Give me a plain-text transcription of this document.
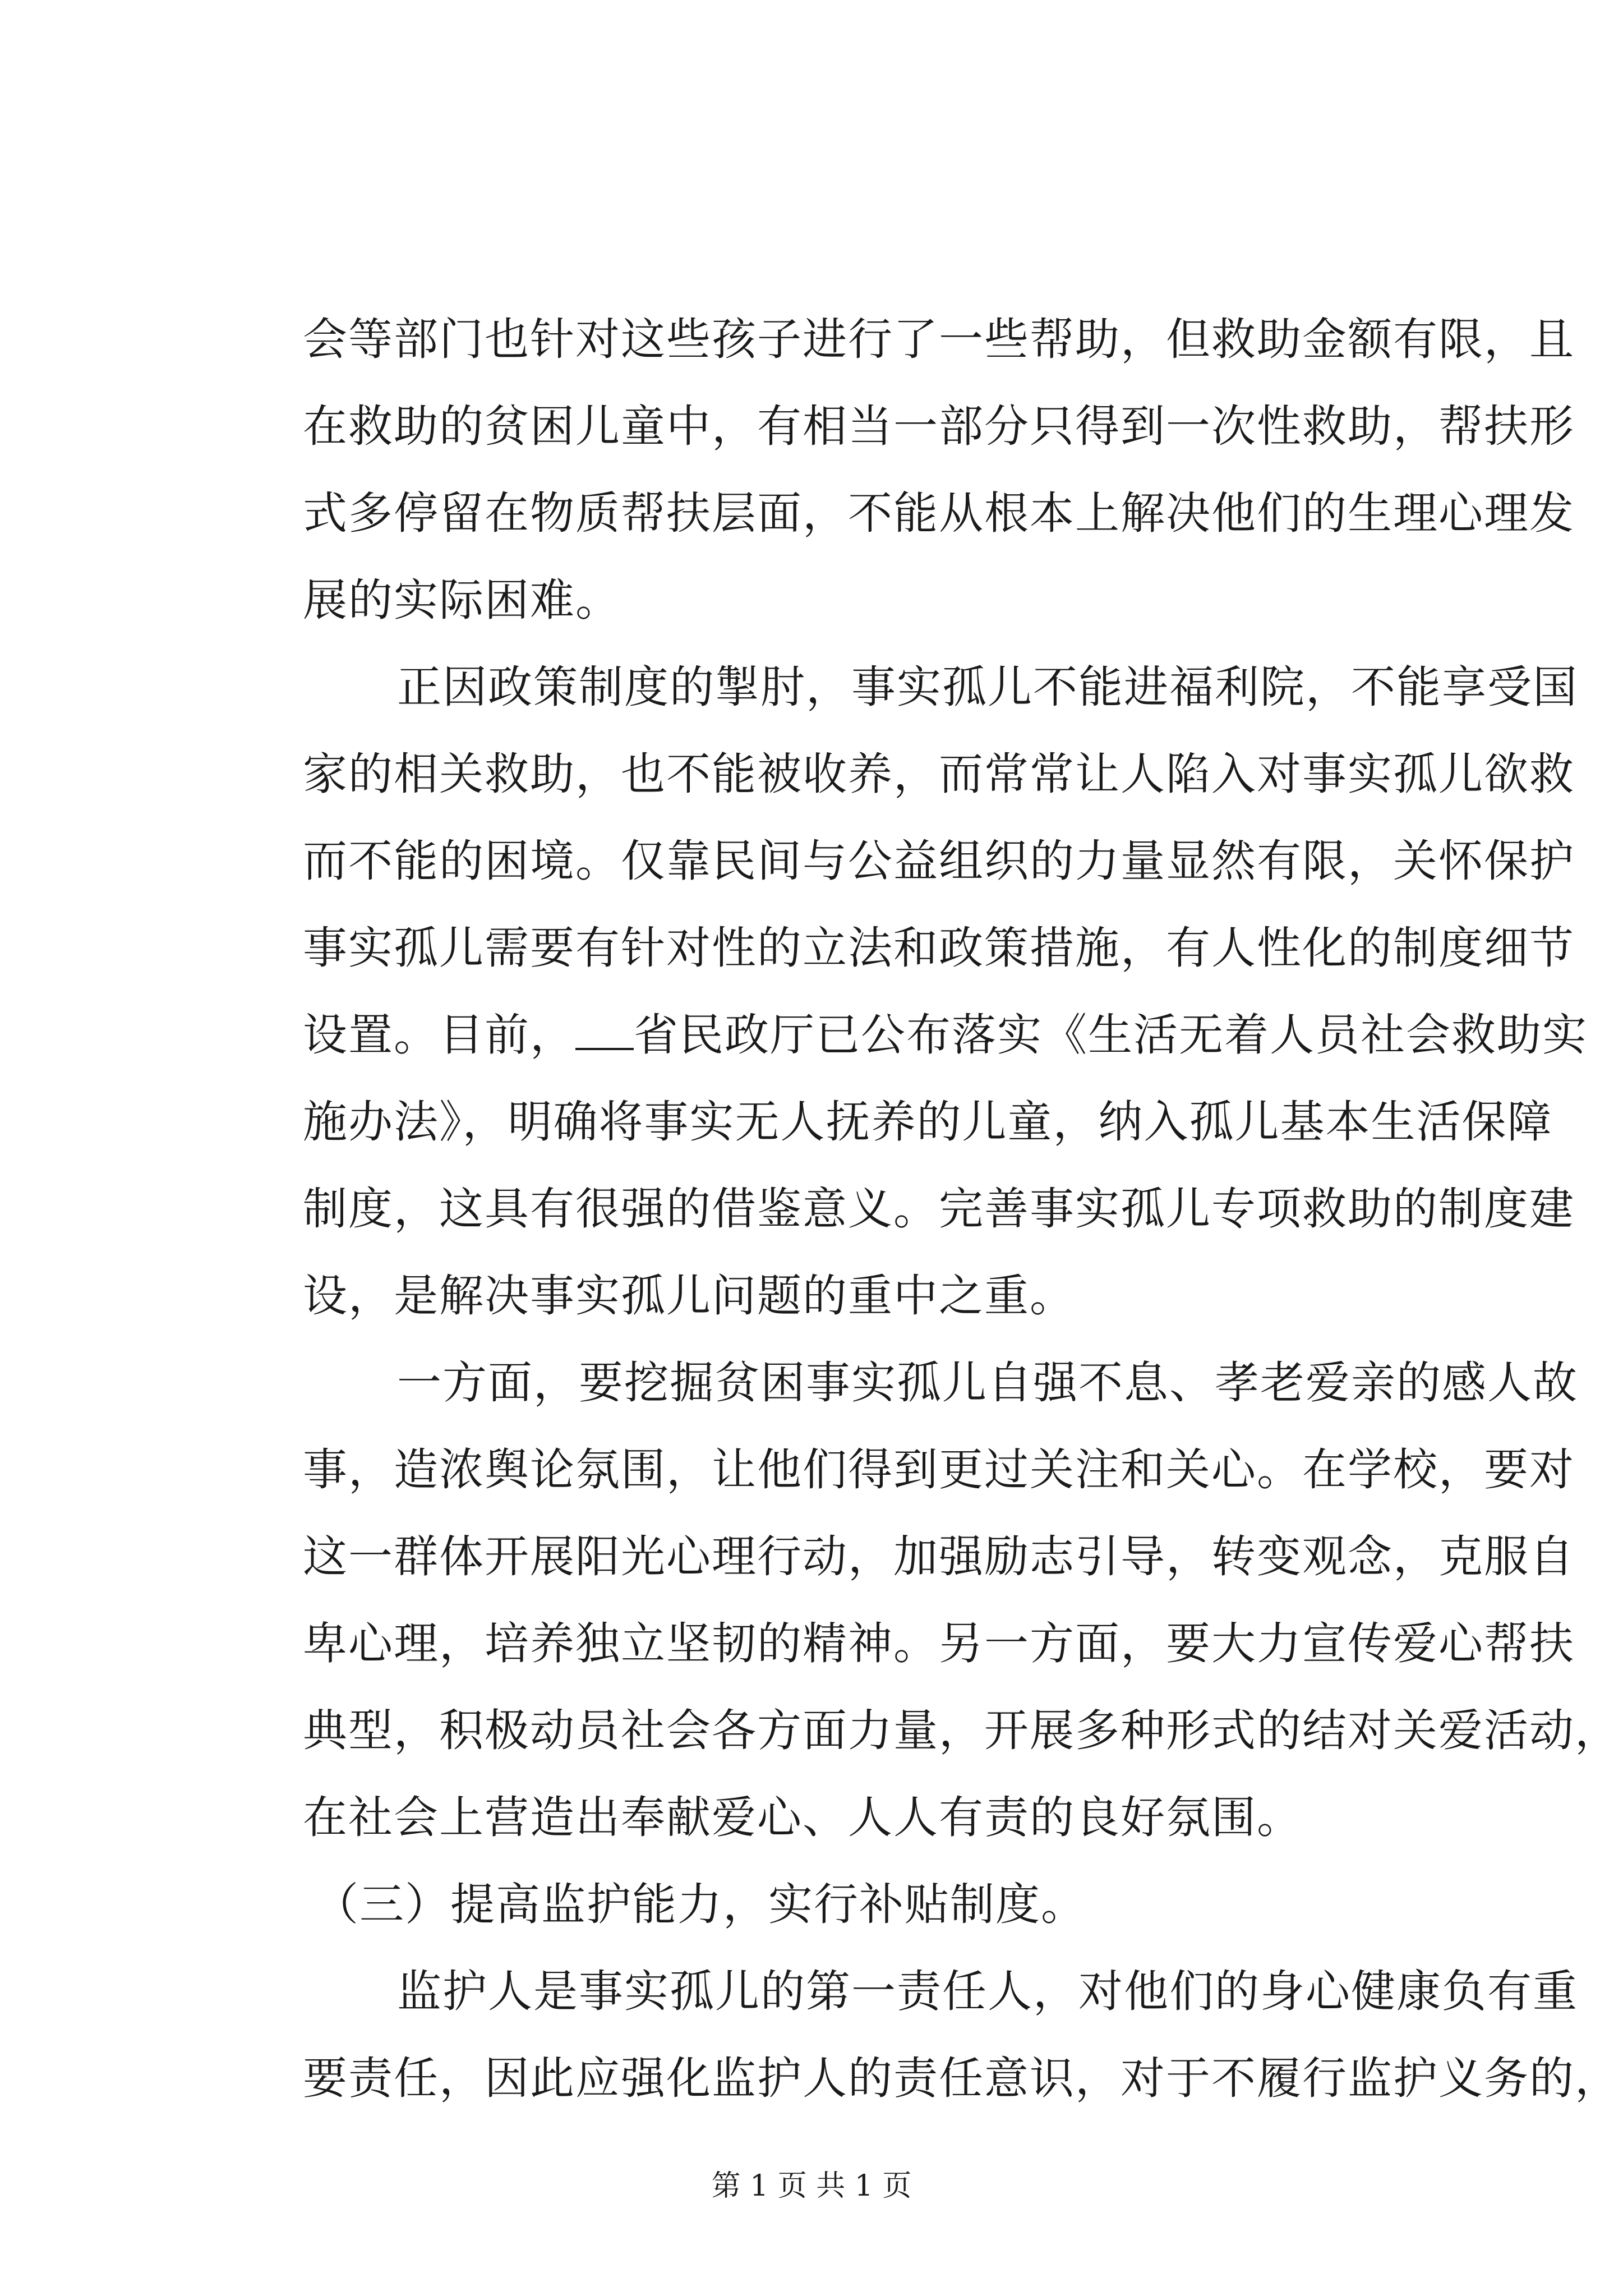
会等部门也针对这些孩子进行了一些帮助，但救助金额有限，且
在救助的贫困儿童中，有相当一部分只得到一次性救助，帮扶形
式多停留在物质帮扶层面，不能从根本上解决他们的生理心理发
展的实际困难。
正因政策制度的掣肘，事实孤儿不能进福利院，不能享受国
家的相关救助，也不能被收养，而常常让人陷入对事实孤儿欲救
而不能的困境。仅靠民间与公益组织的力量显然有限，关怀保护
事实孤儿需要有针对性的立法和政策措施，有人性化的制度细节
设置。目前， 省民政厅已公布落实《生活无着人员社会救助实
施办法》，明确将事实无人抚养的儿童，纳入孤儿基本生活保障
制度，这具有很强的借鉴意义。完善事实孤儿专项救助的制度建
设，是解决事实孤儿问题的重中之重。
一方面，要挖掘贫困事实孤儿自强不息、孝老爱亲的感人故
事，造浓舆论氛围，让他们得到更过关注和关心。在学校，要对
这一群体开展阳光心理行动，加强励志引导，转变观念，克服自
卑心理，培养独立坚韧的精神。另一方面，要大力宣传爱心帮扶
典型，积极动员社会各方面力量，开展多种形式的结对关爱活动，
在社会上营造出奉献爱心、人人有责的良好氛围。
（三）提高监护能力，实行补贴制度。
监护人是事实孤儿的第一责任人，对他们的身心健康负有重
要责任，因此应强化监护人的责任意识，对于不履行监护义务的，
第 1 页 共 1 页
